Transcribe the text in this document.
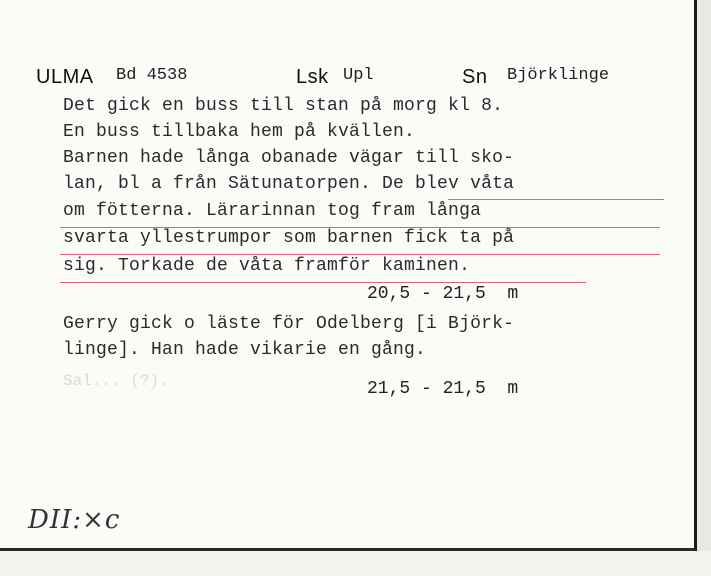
ULMA Bd 4538	Lsk Upl	Sn Björklinge
Det gick en buss till stan på morg kl 8.
En buss tillbaka hem på kvällen.
Barnen hade långa obanade vägar till sko-
lan, bl a från Sätunatorpen. De blev våta
om fötterna. Lärarinnan tog fram långa
svarta yllestrumpor som barnen fick ta på
sig. Torkade de våta framför kaminen.
20,5 - 21,5  m
Gerry gick o läste för Odelberg [i Björk-
linge]. Han hade vikarie en gång.
Sal... (?).	21,5 - 21,5  m
DII:×c
